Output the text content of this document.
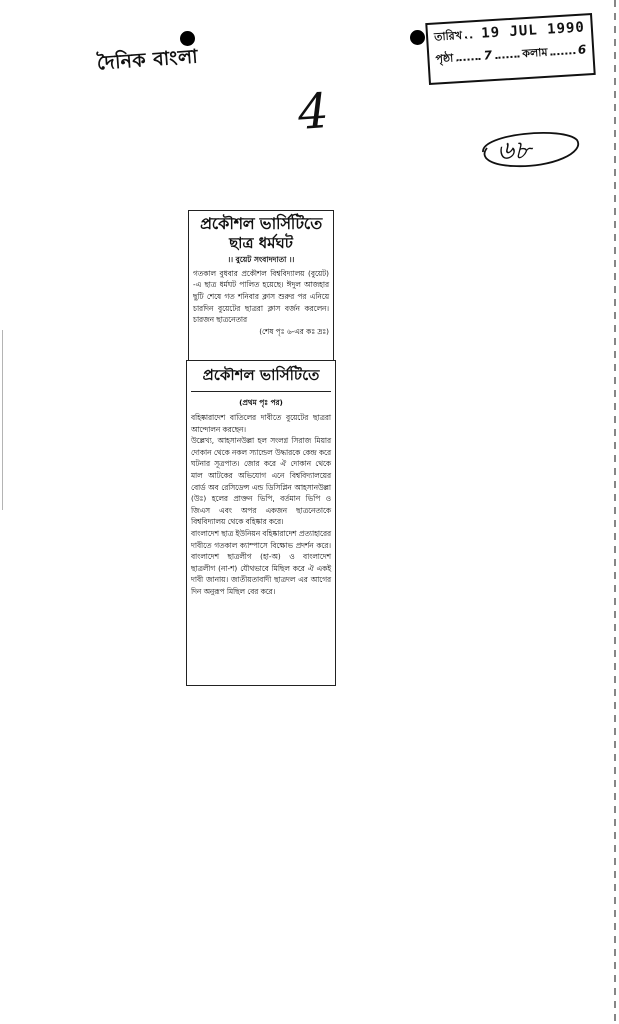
দৈনিক বাংলা
তারিখ 19 JUL 1990
পৃষ্ঠা 7	কলাম 6
4
৬৮

প্রকৌশল ভার্সিটিতে

ছাত্র ধর্মঘট

।। বুয়েট সংবাদদাতা ।।

গতকাল বুধবার প্রকৌশল বিশ্ববিদ্যালয় (বুয়েট) -এ ছাত্র ধর্মঘট পালিত হয়েছে। ঈদুল আজহার ছুটি শেষে গত শনিবার ক্লাস শুরুর পর এনিয়ে চারদিন বুয়েটের ছাত্ররা ক্লাস বর্জন করলেন। চারজন ছাত্রনেতার

(শেষ পৃঃ ৬-এর কঃ দ্রঃ)

প্রকৌশল ভার্সিটিতে

(প্রথম পৃঃ পর)

বহিষ্কারাদেশ বাতিলের দাবীতে বুয়েটের ছাত্ররা আন্দোলন করছেন।

উল্লেখ্য, আহসানউল্লা হল সংলগ্ন সিরাজ মিয়ার দোকান থেকে নকল স্যান্ডেল উদ্ধারকে কেন্দ্র করে ঘটনার সূত্রপাত। জোর করে ঐ দোকান থেকে মাল আটকের অভিযোগ এনে বিশ্ববিদ্যালয়ের বোর্ড অব রেসিডেন্স এন্ড ডিসিপ্লিন আহসানউল্লা (উঃ) হলের প্রাক্তন ভিপি, বর্তমান ভিপি ও জিএস এবং অপর একজন ছাত্রনেতাকে বিশ্ববিদ্যালয় থেকে বহিষ্কার করে।

বাংলাদেশ ছাত্র ইউনিয়ন বহিষ্কারাদেশ প্রত্যাহারের দাবীতে গতকাল ক্যাম্পাসে বিক্ষোভ প্রদর্শন করে। বাংলাদেশ ছাত্রলীগ (হা-অ) ও বাংলাদেশ ছাত্রলীগ (না-শ) যৌথভাবে মিছিল করে ঐ একই দাবী জানায়। জাতীয়তাবাদী ছাত্রদল এর আগের দিন অনুরূপ মিছিল বের করে।
